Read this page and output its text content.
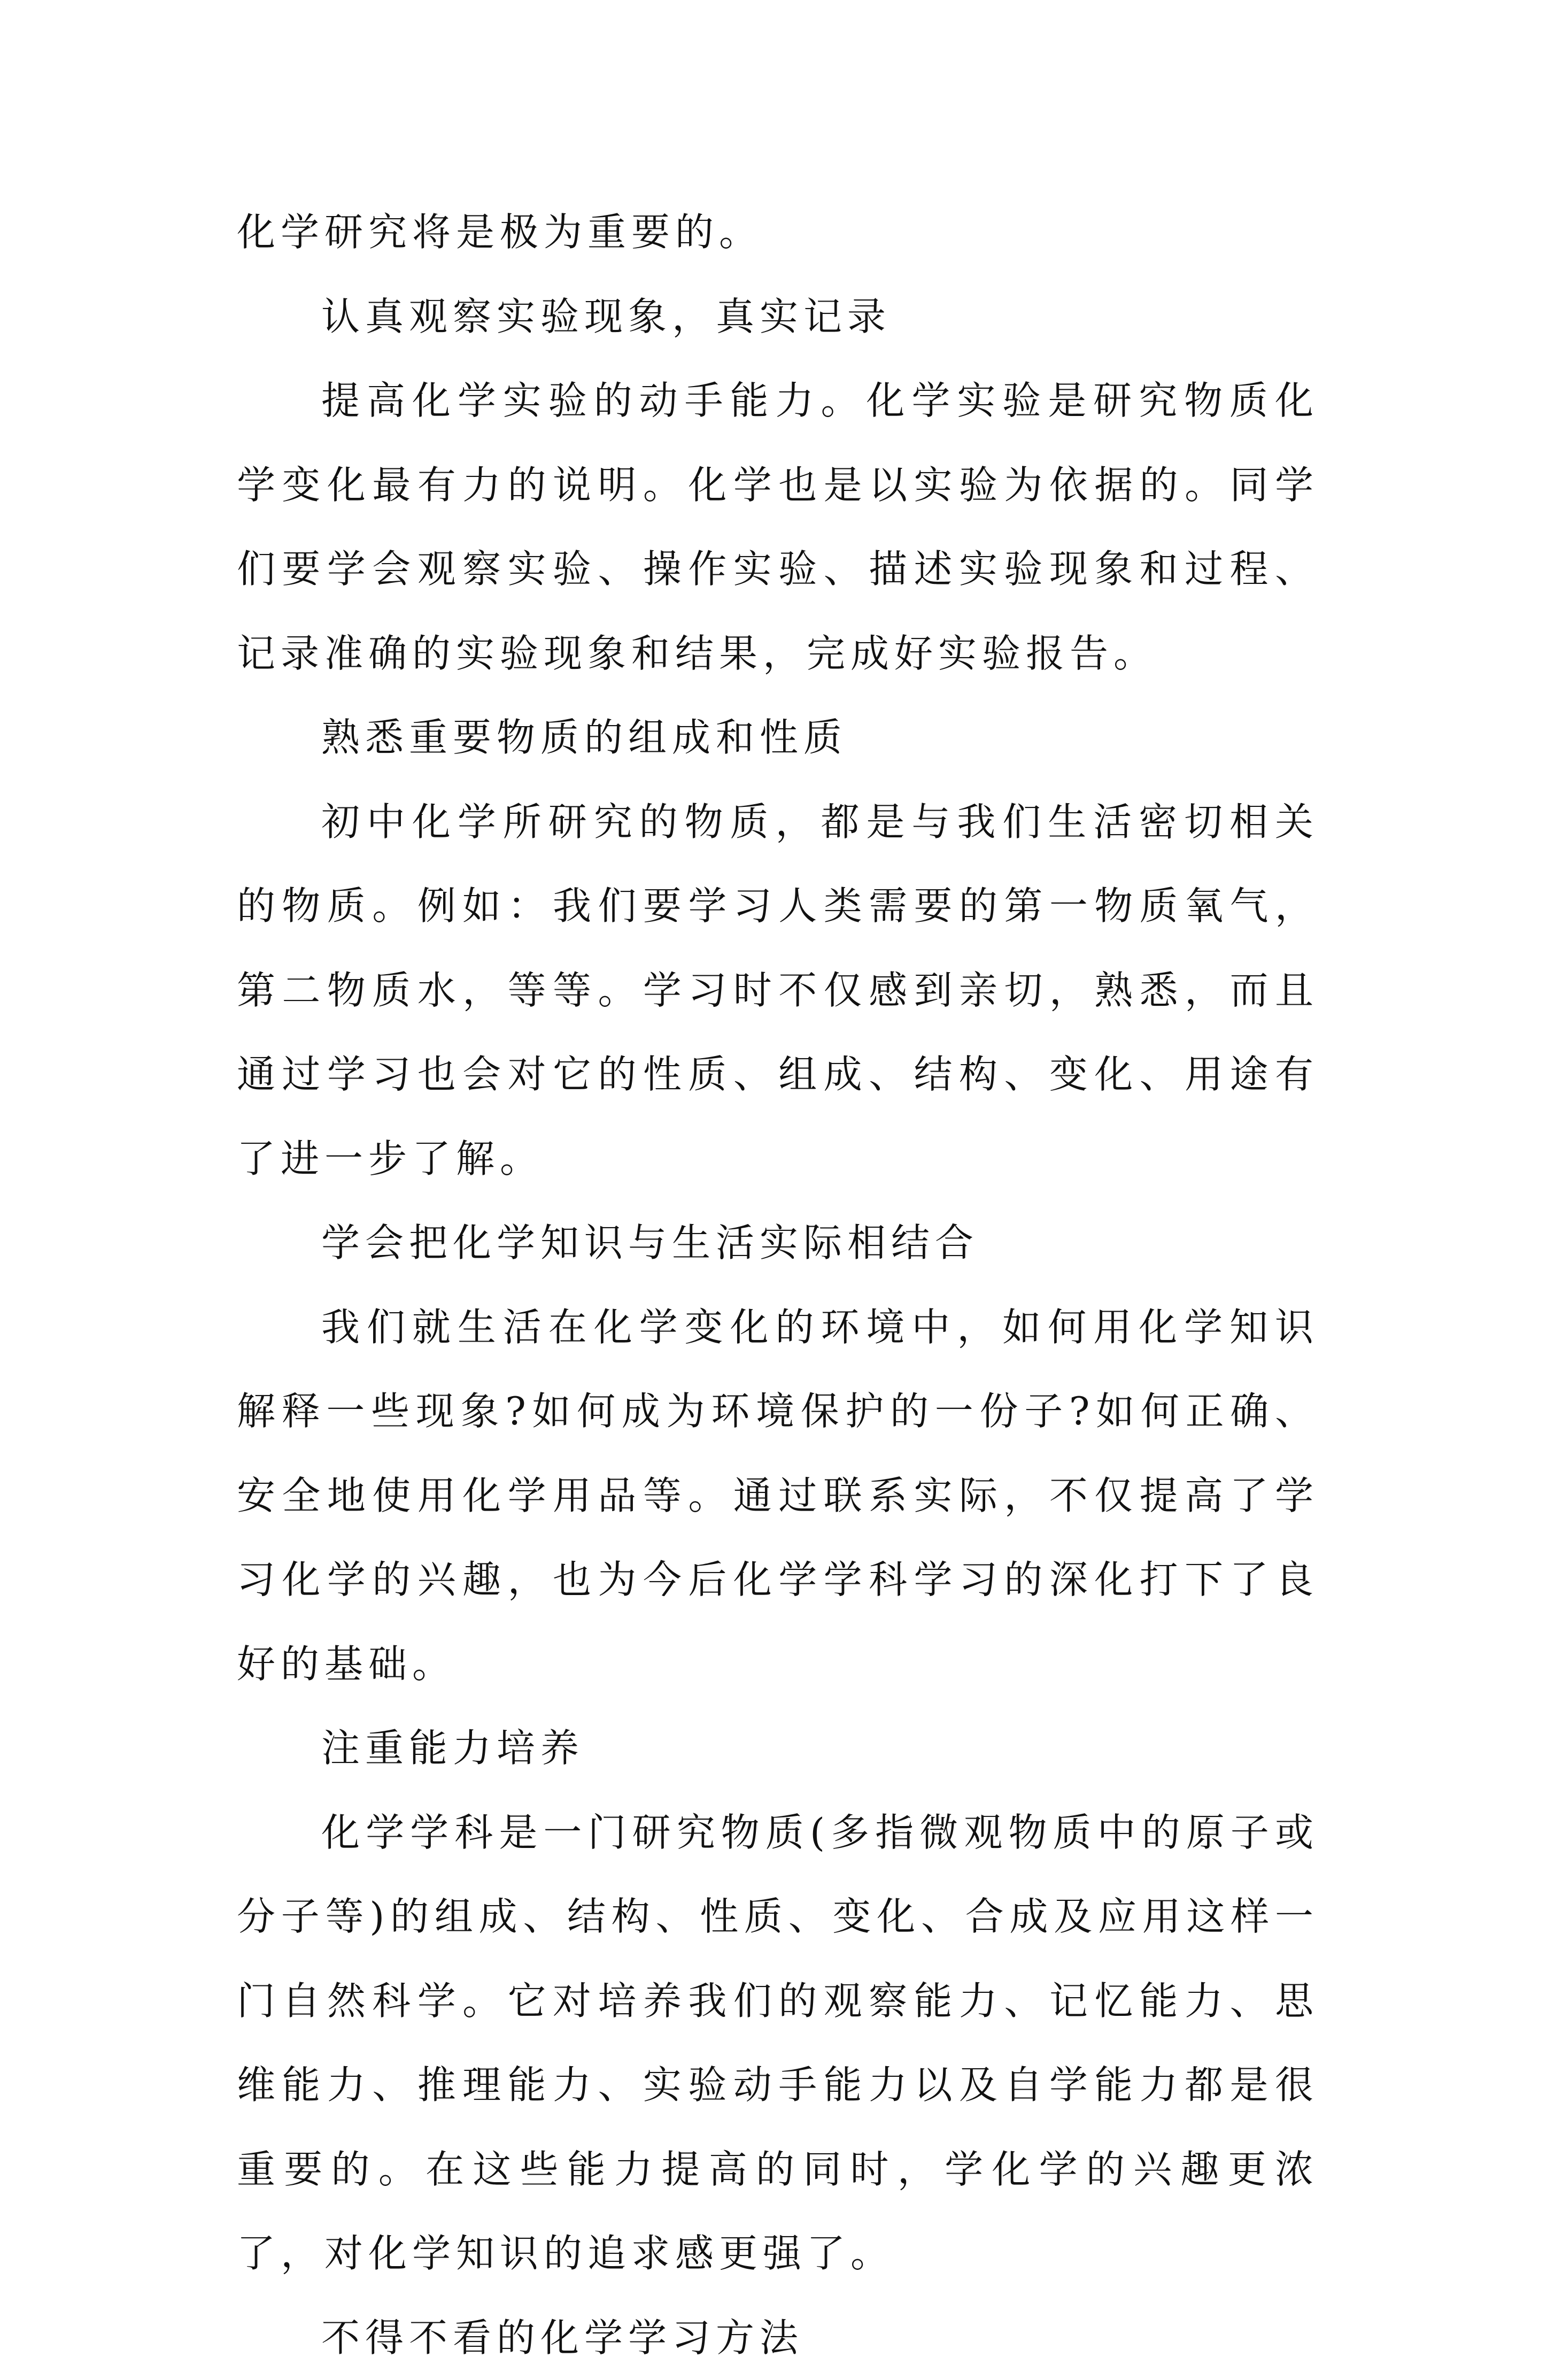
化学研究将是极为重要的。

认真观察实验现象，真实记录

提高化学实验的动手能力。化学实验是研究物质化学变化最有力的说明。化学也是以实验为依据的。同学们要学会观察实验、操作实验、描述实验现象和过程、记录准确的实验现象和结果，完成好实验报告。

熟悉重要物质的组成和性质

初中化学所研究的物质，都是与我们生活密切相关的物质。例如：我们要学习人类需要的第一物质氧气，第二物质水，等等。学习时不仅感到亲切，熟悉，而且通过学习也会对它的性质、组成、结构、变化、用途有了进一步了解。

学会把化学知识与生活实际相结合

我们就生活在化学变化的环境中，如何用化学知识解释一些现象?如何成为环境保护的一份子?如何正确、安全地使用化学用品等。通过联系实际，不仅提高了学习化学的兴趣，也为今后化学学科学习的深化打下了良好的基础。

注重能力培养

化学学科是一门研究物质(多指微观物质中的原子或分子等)的组成、结构、性质、变化、合成及应用这样一门自然科学。它对培养我们的观察能力、记忆能力、思维能力、推理能力、实验动手能力以及自学能力都是很重要的。在这些能力提高的同时，学化学的兴趣更浓了，对化学知识的追求感更强了。

不得不看的化学学习方法
